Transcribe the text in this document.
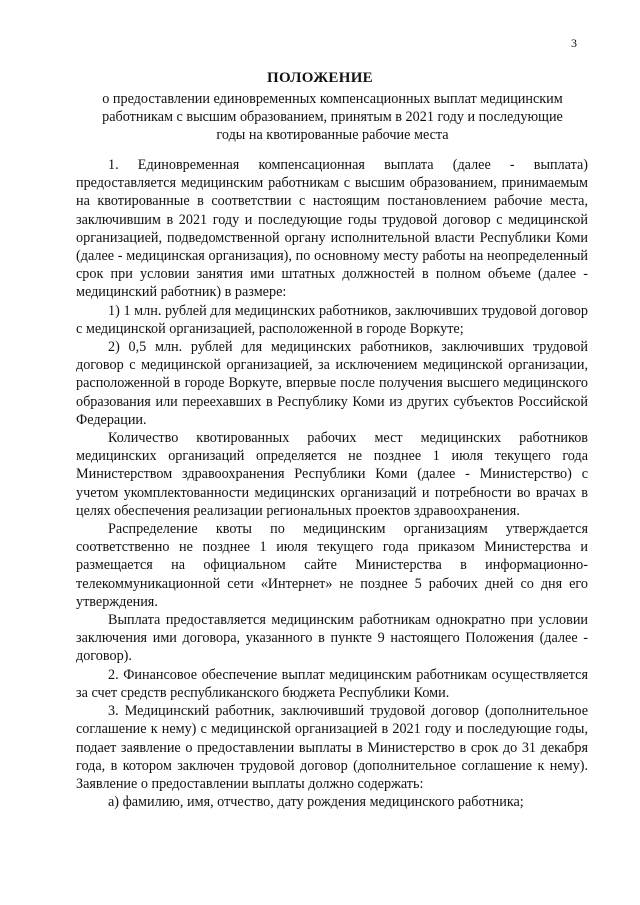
3
ПОЛОЖЕНИЕ
о предоставлении единовременных компенсационных выплат медицинским
работникам с высшим образованием, принятым в 2021 году и последующие
годы на квотированные рабочие места

1. Единовременная компенсационная выплата (далее - выплата) предоставляется медицинским работникам с высшим образованием, принимаемым на квотированные в соответствии с настоящим постановлением рабочие места, заключившим в 2021 году и последующие годы трудовой договор с медицинской организацией, подведомственной органу исполнительной власти Республики Коми (далее - медицинская организация), по основному месту работы на неопределенный срок при условии занятия ими штатных должностей в полном объеме (далее - медицинский работник) в размере:

1) 1 млн. рублей для медицинских работников, заключивших трудовой договор с медицинской организацией, расположенной в городе Воркуте;

2) 0,5 млн. рублей для медицинских работников, заключивших трудовой договор с медицинской организацией, за исключением медицинской организации, расположенной в городе Воркуте, впервые после получения высшего медицинского образования или переехавших в Республику Коми из других субъектов Российской Федерации.

Количество квотированных рабочих мест медицинских работников медицинских организаций определяется не позднее 1 июля текущего года Министерством здравоохранения Республики Коми (далее - Министерство) с учетом укомплектованности медицинских организаций и потребности во врачах в целях обеспечения реализации региональных проектов здравоохранения.

Распределение квоты по медицинским организациям утверждается соответственно не позднее 1 июля текущего года приказом Министерства и размещается на официальном сайте Министерства в информационно-телекоммуникационной сети «Интернет» не позднее 5 рабочих дней со дня его утверждения.

Выплата предоставляется медицинским работникам однократно при условии заключения ими договора, указанного в пункте 9 настоящего Положения (далее - договор).

2. Финансовое обеспечение выплат медицинским работникам осуществляется за счет средств республиканского бюджета Республики Коми.

3. Медицинский работник, заключивший трудовой договор (дополнительное соглашение к нему) с медицинской организацией в 2021 году и последующие годы, подает заявление о предоставлении выплаты в Министерство в срок до 31 декабря года, в котором заключен трудовой договор (дополнительное соглашение к нему). Заявление о предоставлении выплаты должно содержать:

а) фамилию, имя, отчество, дату рождения медицинского работника;
